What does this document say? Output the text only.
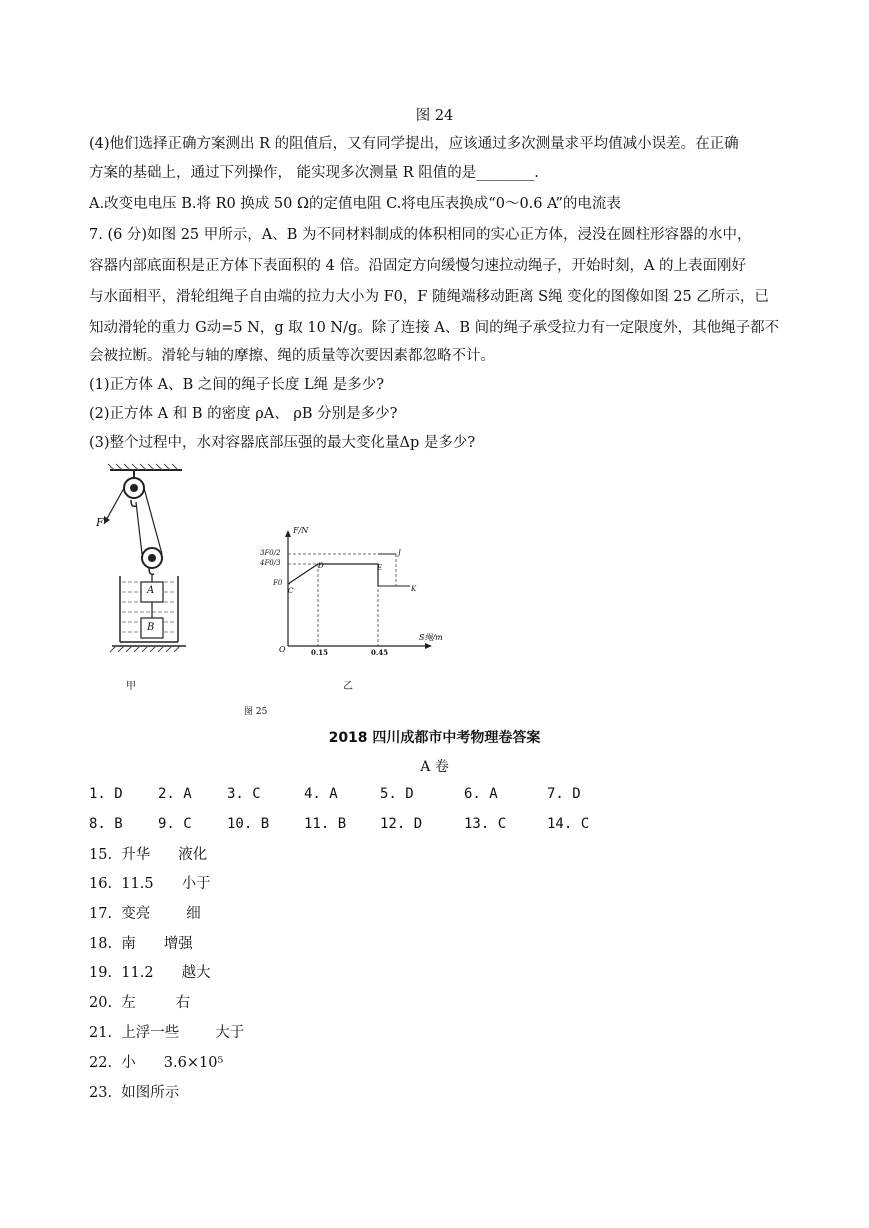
图 24
(4)他们选择正确方案测出 R 的阻值后，又有同学提出，应该通过多次测量求平均值减小误差。在正确
方案的基础上，通过下列操作， 能实现多次测量 R 阻值的是________.
A.改变电电压 B.将 R0 换成 50 Ω的定值电阻 C.将电压表换成“0～0.6 A”的电流表
7. (6 分)如图 25 甲所示，A、B 为不同材料制成的体积相同的实心正方体，浸没在圆柱形容器的水中，
容器内部底面积是正方体下表面积的 4 倍。沿固定方向缓慢匀速拉动绳子，开始时刻，A 的上表面刚好
与水面相平，滑轮组绳子自由端的拉力大小为 F0，F 随绳端移动距离 S绳 变化的图像如图 25 乙所示，已
知动滑轮的重力 G动=5 N，g 取 10 N/g。除了连接 A、B 间的绳子承受拉力有一定限度外，其他绳子都不
会被拉断。滑轮与轴的摩擦、绳的质量等次要因素都忽略不计。
(1)正方体 A、B 之间的绳子长度 L绳 是多少?
(2)正方体 A 和 B 的密度 ρA、 ρB 分别是多少?
(3)整个过程中，水对容器底部压强的最大变化量Δp 是多少?
F
A
B
甲
F/N
S绳/m
O
3F0/2
4F0/3
F0
0.15	0.45
C
D	E
J
K
乙
图 25
2018 四川成都市中考物理卷答案
A 卷
1. D	2. A	3. C	4. A	5. D	6. A	7. D
8. B	9. C	10. B 11. B 12. D	13. C	14. C
15. 升华 液化
16. 11.5 小于
17. 变亮 细
18. 南 增强
19. 11.2 越大
20. 左	右
21. 上浮一些 大于
22. 小 3.6×10⁵
23. 如图所示
